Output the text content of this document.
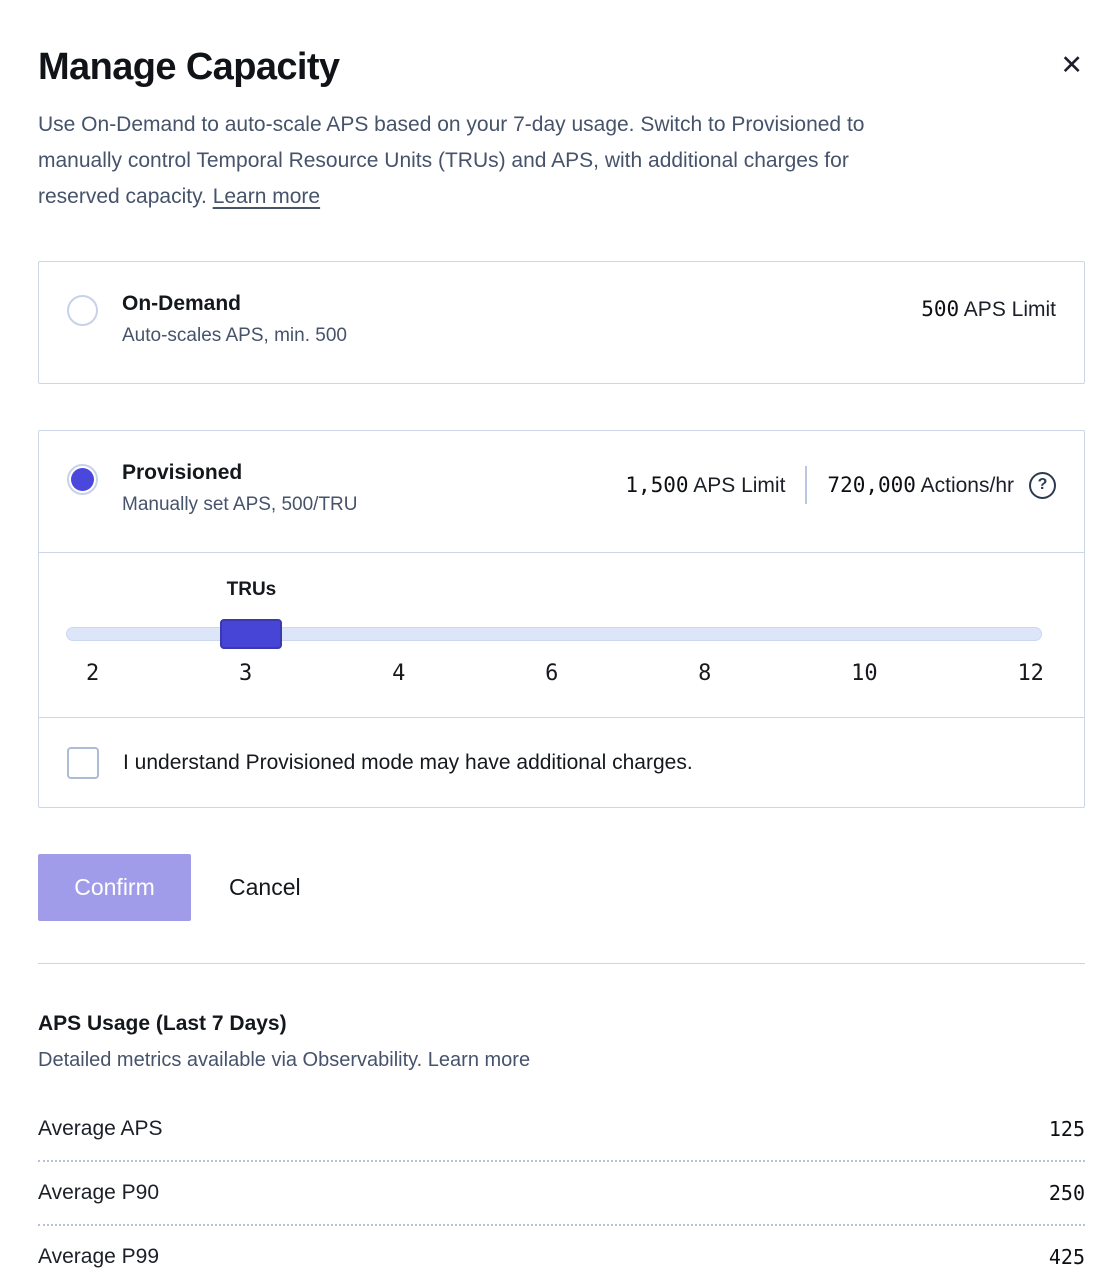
Manage Capacity	✕
Use On-Demand to auto-scale APS based on your 7-day usage. Switch to Provisioned to
manually control Temporal Resource Units (TRUs) and APS, with additional charges for
reserved capacity. Learn more
On-Demand
Auto-scales APS, min. 500
500 APS Limit
Provisioned
Manually set APS, 500/TRU
1,500 APS Limit 720,000 Actions/hr	?
TRUs
2	3	4	6	8	10	12
I understand Provisioned mode may have additional charges.
Confirm	Cancel
APS Usage (Last 7 Days)
Detailed metrics available via Observability. Learn more
Average APS	125
Average P90	250
Average P99	425
